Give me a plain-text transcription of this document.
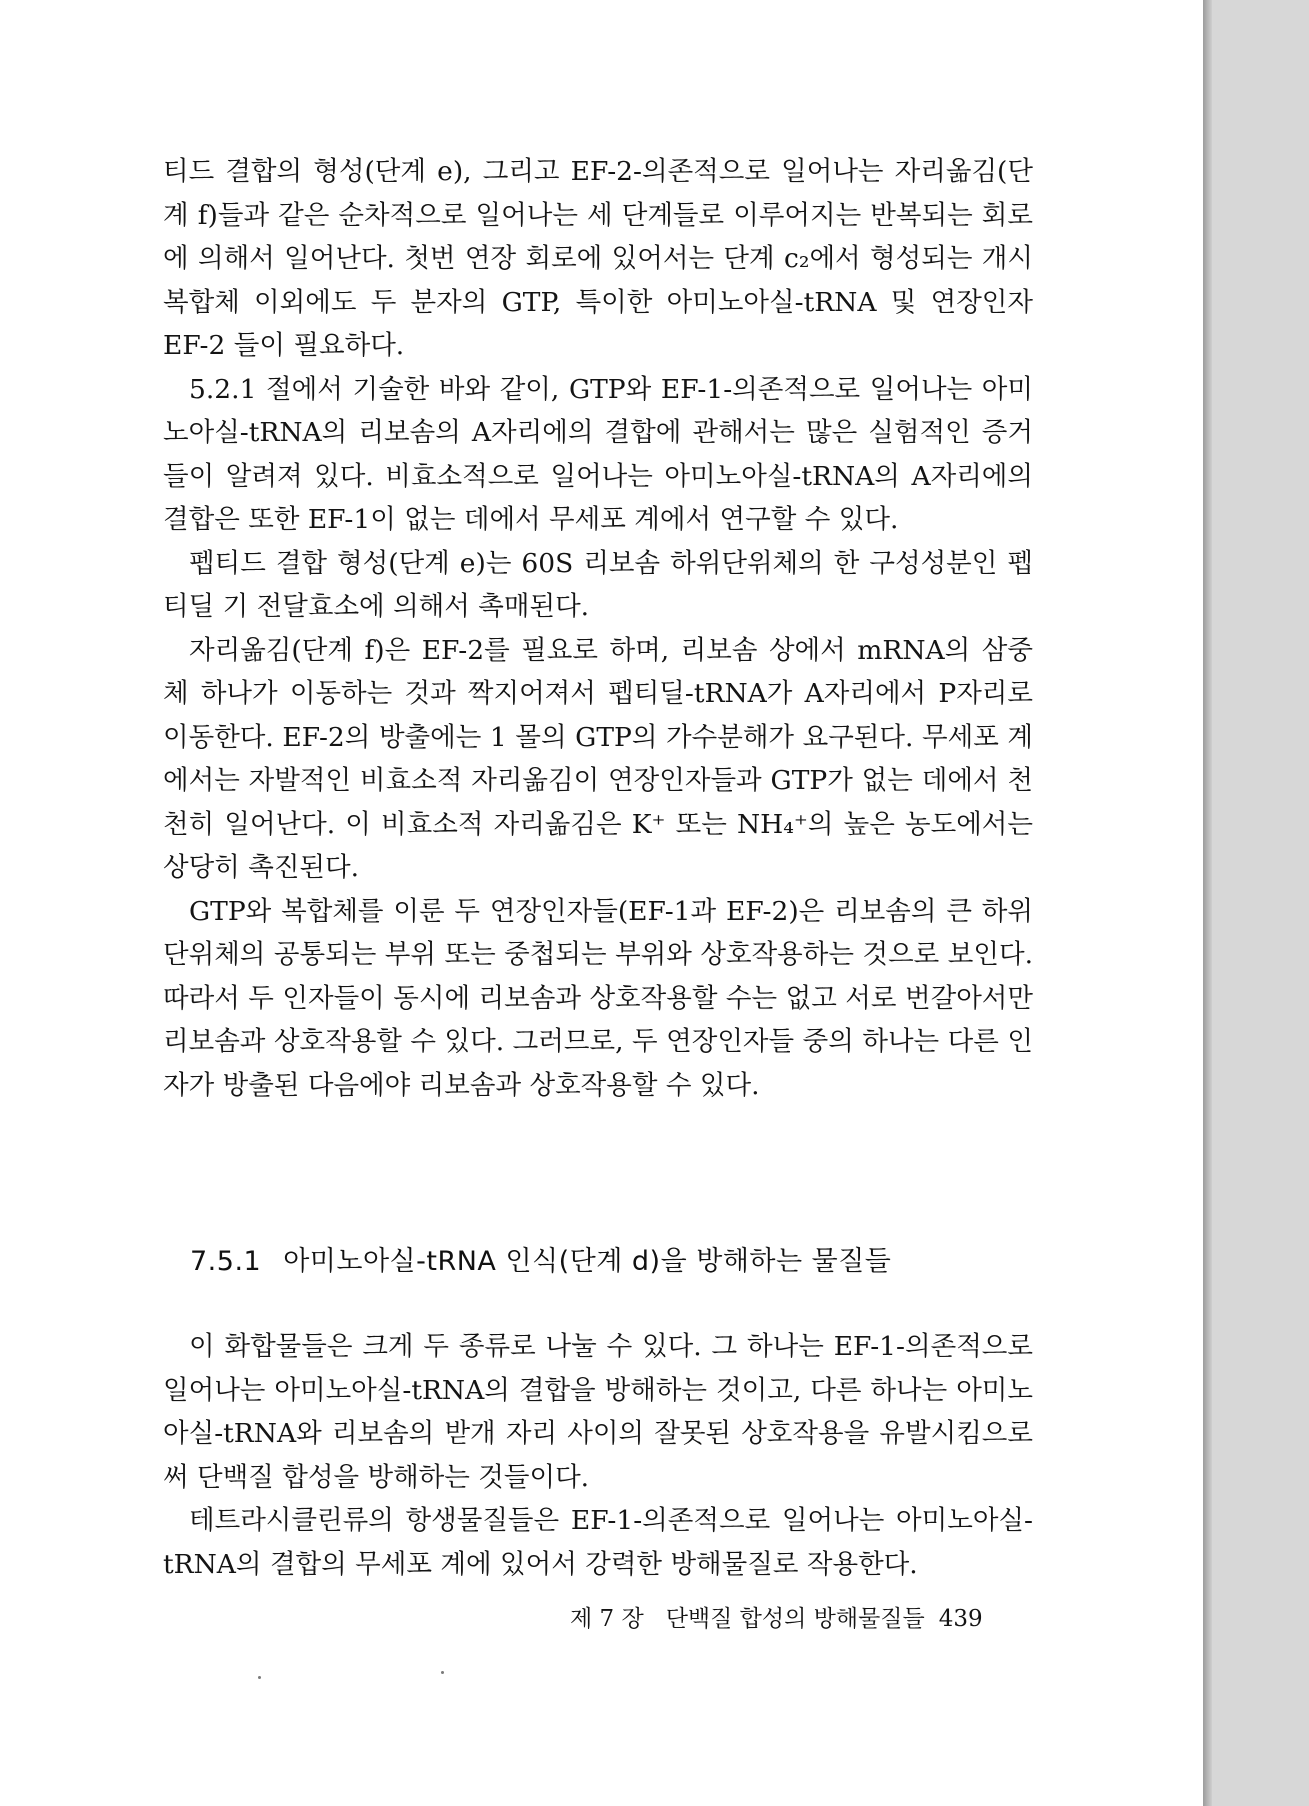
티드 결합의 형성(단계 e), 그리고 EF-2-의존적으로 일어나는 자리옮김(단계 f)들과 같은 순차적으로 일어나는 세 단계들로 이루어지는 반복되는 회로에 의해서 일어난다. 첫번 연장 회로에 있어서는 단계 c₂에서 형성되는 개시 복합체 이외에도 두 분자의 GTP, 특이한 아미노아실-tRNA 및 연장인자 EF-2 들이 필요하다.

5.2.1 절에서 기술한 바와 같이, GTP와 EF-1-의존적으로 일어나는 아미노아실-tRNA의 리보솜의 A자리에의 결합에 관해서는 많은 실험적인 증거들이 알려져 있다. 비효소적으로 일어나는 아미노아실-tRNA의 A자리에의 결합은 또한 EF-1이 없는 데에서 무세포 계에서 연구할 수 있다.

펩티드 결합 형성(단계 e)는 60S 리보솜 하위단위체의 한 구성성분인 펩티딜 기 전달효소에 의해서 촉매된다.

자리옮김(단계 f)은 EF-2를 필요로 하며, 리보솜 상에서 mRNA의 삼중체 하나가 이동하는 것과 짝지어져서 펩티딜-tRNA가 A자리에서 P자리로 이동한다. EF-2의 방출에는 1 몰의 GTP의 가수분해가 요구된다. 무세포 계에서는 자발적인 비효소적 자리옮김이 연장인자들과 GTP가 없는 데에서 천천히 일어난다. 이 비효소적 자리옮김은 K⁺ 또는 NH₄⁺의 높은 농도에서는 상당히 촉진된다.

GTP와 복합체를 이룬 두 연장인자들(EF-1과 EF-2)은 리보솜의 큰 하위단위체의 공통되는 부위 또는 중첩되는 부위와 상호작용하는 것으로 보인다. 따라서 두 인자들이 동시에 리보솜과 상호작용할 수는 없고 서로 번갈아서만 리보솜과 상호작용할 수 있다. 그러므로, 두 연장인자들 중의 하나는 다른 인자가 방출된 다음에야 리보솜과 상호작용할 수 있다.

7.5.1 아미노아실-tRNA 인식(단계 d)을 방해하는 물질들

이 화합물들은 크게 두 종류로 나눌 수 있다. 그 하나는 EF-1-의존적으로 일어나는 아미노아실-tRNA의 결합을 방해하는 것이고, 다른 하나는 아미노아실-tRNA와 리보솜의 받개 자리 사이의 잘못된 상호작용을 유발시킴으로써 단백질 합성을 방해하는 것들이다.

테트라시클린류의 항생물질들은 EF-1-의존적으로 일어나는 아미노아실-tRNA의 결합의 무세포 계에 있어서 강력한 방해물질로 작용한다.

제 7 장 단백질 합성의 방해물질들 439
